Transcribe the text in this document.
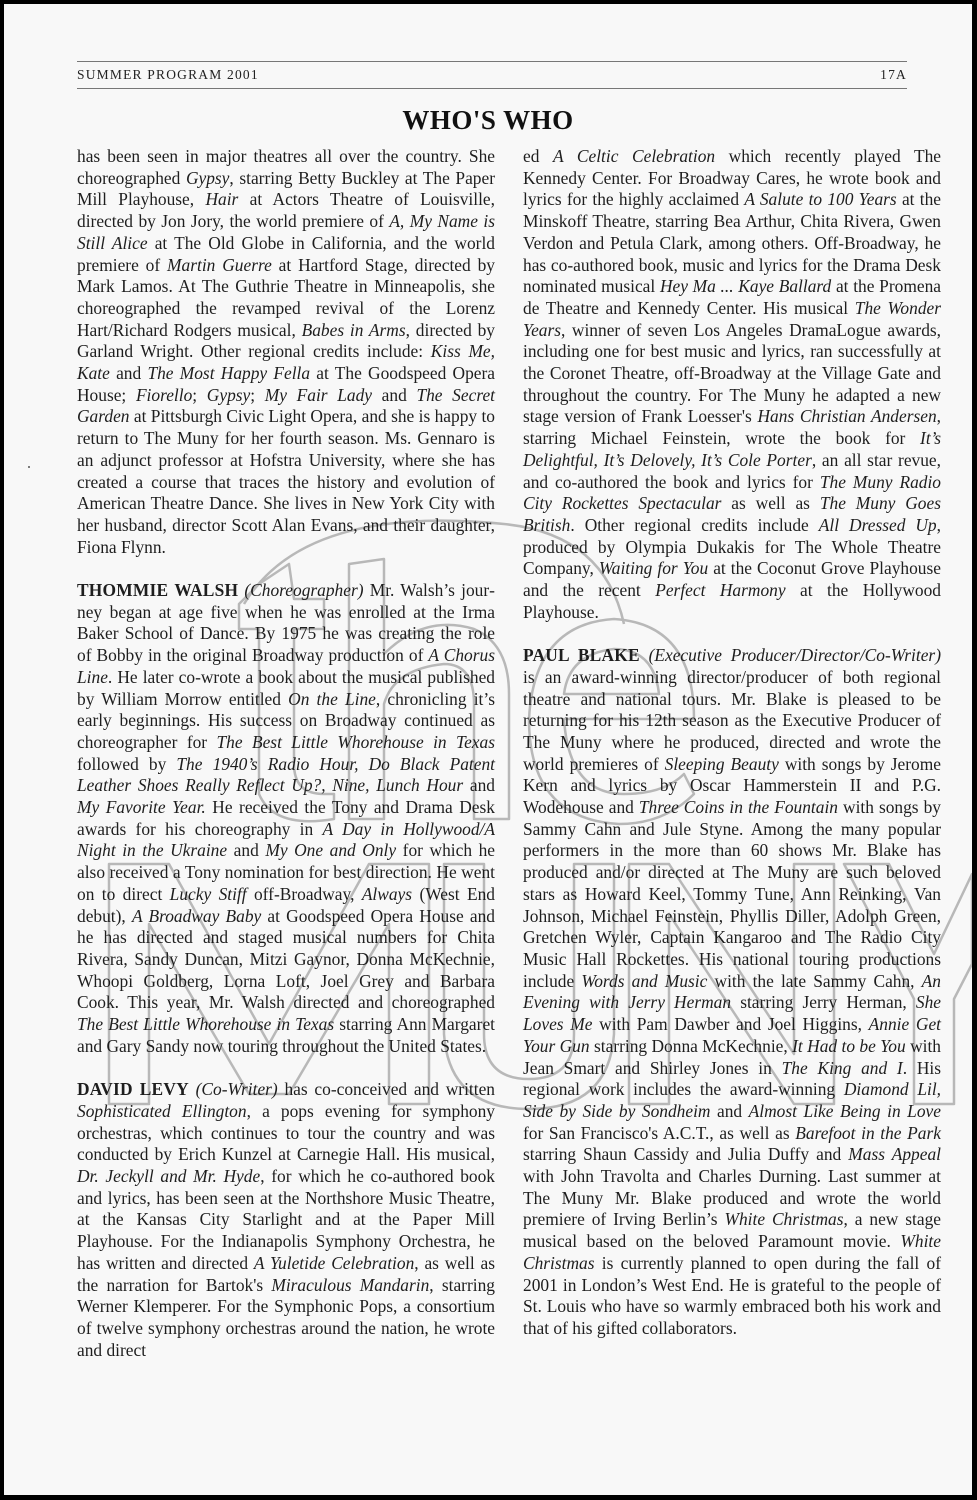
SUMMER PROGRAM 2001	17A
WHO'S WHO

has been seen in major theatres all over the country. She choreographed Gypsy, starring Betty Buckley at The Paper Mill Playhouse, Hair at Actors Theatre of Louisville, directed by Jon Jory, the world premiere of A, My Name is Still Alice at The Old Globe in California, and the world premiere of Martin Guerre at Hartford Stage, directed by Mark Lamos. At The Guthrie Theatre in Minneapolis, she choreographed the revamped revival of the Lorenz Hart/Richard Rodgers musical, Babes in Arms, directed by Garland Wright. Other regional credits include: Kiss Me, Kate and The Most Happy Fella at The Goodspeed Opera House; Fiorello; Gypsy; My Fair Lady and The Secret Garden at Pittsburgh Civic Light Opera, and she is happy to return to The Muny for her fourth season. Ms. Gennaro is an adjunct professor at Hofstra University, where she has created a course that traces the history and evolution of American Theatre Dance. She lives in New York City with her husband, director Scott Alan Evans, and their daughter, Fiona Flynn.

THOMMIE WALSH (Choreographer) Mr. Walsh’s journey began at age five when he was enrolled at the Irma Baker School of Dance. By 1975 he was creating the role of Bobby in the original Broadway production of A Chorus Line. He later co-wrote a book about the musical published by William Morrow entitled On the Line, chronicling it’s early beginnings. His success on Broadway continued as choreographer for The Best Little Whorehouse in Texas followed by The 1940’s Radio Hour, Do Black Patent Leather Shoes Really Reflect Up?, Nine, Lunch Hour and My Favorite Year. He received the Tony and Drama Desk awards for his choreography in A Day in Hollywood/A Night in the Ukraine and My One and Only for which he also received a Tony nomination for best direction. He went on to direct Lucky Stiff off-Broadway, Always (West End debut), A Broadway Baby at Goodspeed Opera House and he has directed and staged musical numbers for Chita Rivera, Sandy Duncan, Mitzi Gaynor, Donna McKechnie, Whoopi Goldberg, Lorna Loft, Joel Grey and Barbara Cook. This year, Mr. Walsh directed and choreographed The Best Little Whorehouse in Texas starring Ann Margaret and Gary Sandy now touring throughout the United States.

DAVID LEVY (Co-Writer) has co-conceived and written Sophisticated Ellington, a pops evening for symphony orchestras, which continues to tour the country and was conducted by Erich Kunzel at Carnegie Hall. His musical, Dr. Jeckyll and Mr. Hyde, for which he co-authored book and lyrics, has been seen at the Northshore Music Theatre, at the Kansas City Starlight and at the Paper Mill Playhouse. For the Indianapolis Symphony Orchestra, he has written and directed A Yuletide Celebration, as well as the narration for Bartok's Miraculous Mandarin, starring Werner Klemperer. For the Symphonic Pops, a consortium of twelve symphony orchestras around the nation, he wrote and direct

ed A Celtic Celebration which recently played The Kennedy Center. For Broadway Cares, he wrote book and lyrics for the highly acclaimed A Salute to 100 Years at the Minskoff Theatre, starring Bea Arthur, Chita Rivera, Gwen Verdon and Petula Clark, among others. Off-Broadway, he has co-authored book, music and lyrics for the Drama Desk nominated musical Hey Ma ... Kaye Ballard at the Promena de Theatre and Kennedy Center. His musical The Wonder Years, winner of seven Los Angeles DramaLogue awards, including one for best music and lyrics, ran successfully at the Coronet Theatre, off-Broadway at the Village Gate and throughout the country. For The Muny he adapted a new stage version of Frank Loesser's Hans Christian Andersen, starring Michael Feinstein, wrote the book for It’s Delightful, It’s Delovely, It’s Cole Porter, an all star revue, and co-authored the book and lyrics for The Muny Radio City Rockettes Spectacular as well as The Muny Goes British. Other regional credits include All Dressed Up, produced by Olympia Dukakis for The Whole Theatre Company, Waiting for You at the Coconut Grove Playhouse and the recent Perfect Harmony at the Hollywood Playhouse.

PAUL BLAKE (Executive Producer/Director/Co-Writer) is an award-winning director/producer of both regional theatre and national tours. Mr. Blake is pleased to be returning for his 12th season as the Executive Producer of The Muny where he produced, directed and wrote the world premieres of Sleeping Beauty with songs by Jerome Kern and lyrics by Oscar Hammerstein II and P.G. Wodehouse and Three Coins in the Fountain with songs by Sammy Cahn and Jule Styne. Among the many popular performers in the more than 60 shows Mr. Blake has produced and/or directed at The Muny are such beloved stars as Howard Keel, Tommy Tune, Ann Reinking, Van Johnson, Michael Feinstein, Phyllis Diller, Adolph Green, Gretchen Wyler, Captain Kangaroo and The Radio City Music Hall Rockettes. His national touring productions include Words and Music with the late Sammy Cahn, An Evening with Jerry Herman starring Jerry Herman, She Loves Me with Pam Dawber and Joel Higgins, Annie Get Your Gun starring Donna McKechnie, It Had to be You with Jean Smart and Shirley Jones in The King and I. His regional work includes the award-winning Diamond Lil, Side by Side by Sondheim and Almost Like Being in Love for San Francisco's A.C.T., as well as Barefoot in the Park starring Shaun Cassidy and Julia Duffy and Mass Appeal with John Travolta and Charles Durning. Last summer at The Muny Mr. Blake produced and wrote the world premiere of Irving Berlin’s White Christmas, a new stage musical based on the beloved Paramount movie. White Christmas is currently planned to open during the fall of 2001 in London’s West End. He is grateful to the people of St. Louis who have so warmly embraced both his work and that of his gifted collaborators.
